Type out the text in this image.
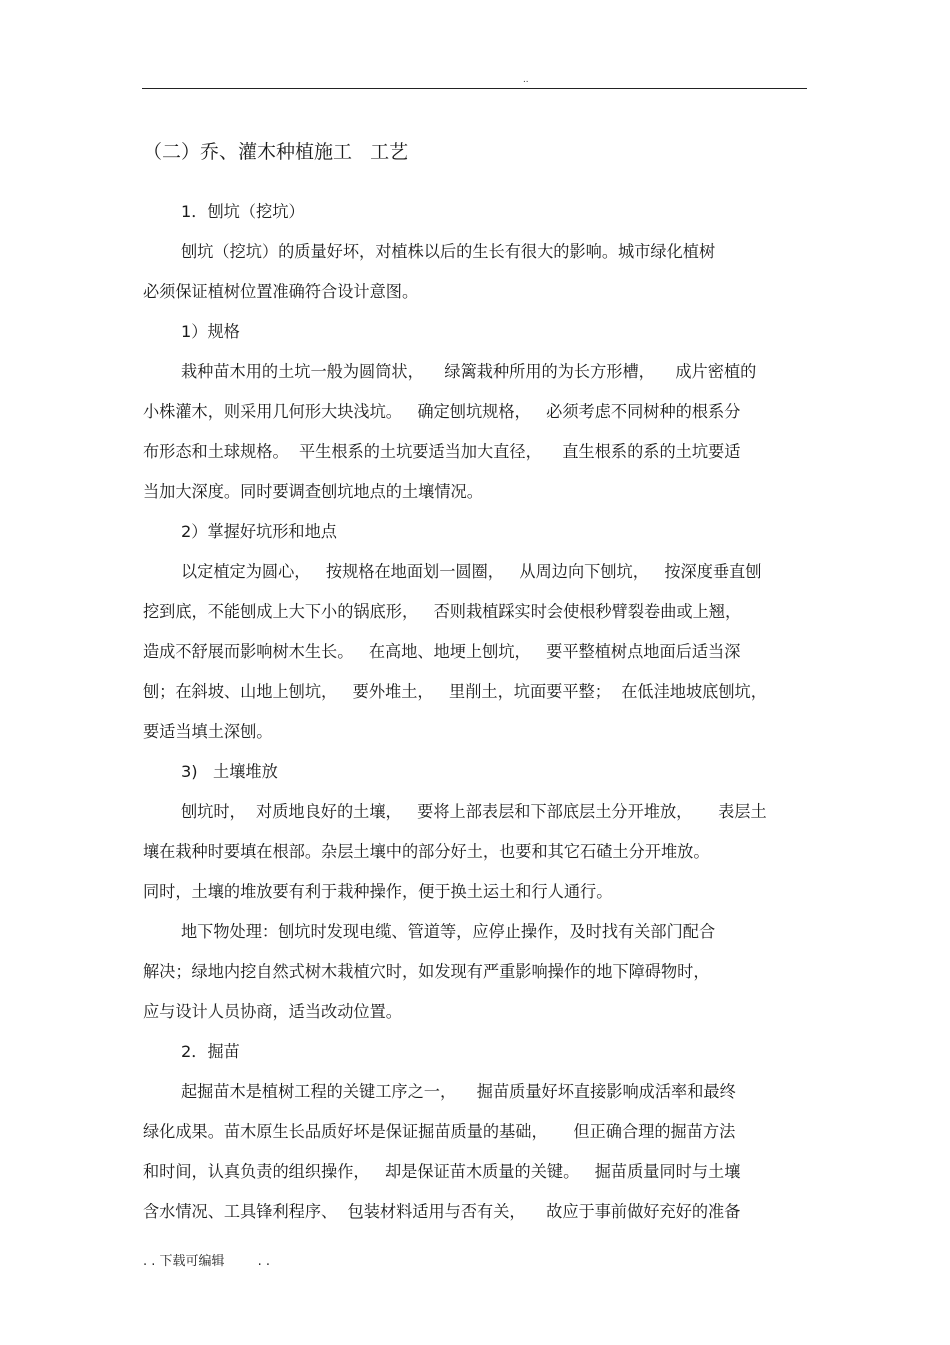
..
（二）乔、灌木种植施工   工艺
1．刨坑（挖坑）
刨坑（挖坑）的质量好坏，对植株以后的生长有很大的影响。城市绿化植树
必须保证植树位置准确符合设计意图。
1）规格
栽种苗木用的土坑一般为圆筒状，    绿篱栽种所用的为长方形槽，    成片密植的
小株灌木，则采用几何形大块浅坑。   确定刨坑规格，   必须考虑不同树种的根系分
布形态和土球规格。  平生根系的土坑要适当加大直径，    直生根系的系的土坑要适
当加大深度。同时要调查刨坑地点的土壤情况。
2）掌握好坑形和地点
以定植定为圆心，   按规格在地面划一圆圈，   从周边向下刨坑，   按深度垂直刨
挖到底，不能刨成上大下小的锅底形，   否则栽植踩实时会使根秒臂裂卷曲或上翘，
造成不舒展而影响树木生长。   在高地、地埂上刨坑，   要平整植树点地面后适当深
刨；在斜坡、山地上刨坑，   要外堆土，   里削土，坑面要平整；  在低洼地坡底刨坑，
要适当填土深刨。
3)   土壤堆放
刨坑时，  对质地良好的土壤，   要将上部表层和下部底层土分开堆放，     表层土
壤在栽种时要填在根部。杂层土壤中的部分好土，也要和其它石碴土分开堆放。
同时，土壤的堆放要有利于栽种操作，便于换土运土和行人通行。
地下物处理：刨坑时发现电缆、管道等，应停止操作，及时找有关部门配合
解决；绿地内挖自然式树木栽植穴时，如发现有严重影响操作的地下障碍物时，
应与设计人员协商，适当改动位置。
2．掘苗
起掘苗木是植树工程的关键工序之一，    掘苗质量好坏直接影响成活率和最终
绿化成果。苗木原生长品质好坏是保证掘苗质量的基础，     但正确合理的掘苗方法
和时间，认真负责的组织操作，   却是保证苗木质量的关键。   掘苗质量同时与土壤
含水情况、工具锋利程序、  包装材料适用与否有关，    故应于事前做好充好的准备
. . 下载可编辑        . .
